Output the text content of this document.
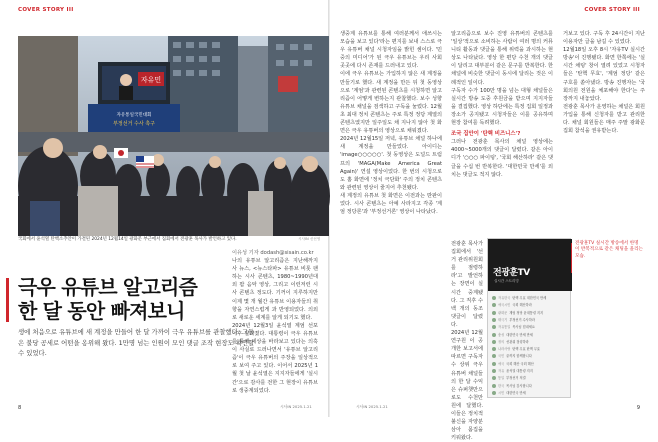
COVER STORY III	COVER STORY III
자유민
자유통일국민대회
부정선거 수사 촉구
국회에서 윤석열 탄핵소추안이 가결된 2024년 12월14일 광화문 부근에서 집회에서 전광훈 목사가 발언하고 있다.	시사IN 신선영
극우 유튜브 알고리즘
한 달 동안 빠져보니
생에 처음으로 유튜브에 새 계정을 만들어 한 달 가까이 극우 유튜브를 관찰했다. 그들은 불당 공세로 어떤을 옹위해 왔다. 1만명 넘는 인원이 모인 댓글 조작 현장도 확인할 수 있었다.

이유성 기자 dodash@sisain.co.kr

나의 유튜브 알고리즘은 지난해까지 사 뉴스, <뉴스타파> 유튜브 비롯 팬하는 시사 콘텐츠, 1980~1990년대 외 팝 음악 영상, 그리고 이런저런 시사 콘텐츠 정도다. 기꺼이 지루하지만 이제 몇 개 월간 유튜브 이용자들의 취향을 자연스럽게 과 반영되었다. 의외로 새로운 세계를 알게 되기도 했다.

2024년 12월3일 윤석열 계엄 선포 이후 달라졌다. 대통령이 극우 유튜브를 통해 세상을 바라보고 있다는 의혹이 사실로 드러나면서 '유튜브 알고리즘'이 극우 유튜버의 주장을 일상적으로 보여 주고 있다. 이어서 2025년 1월 첫 날 윤석열은 지지자들에게 '실시간'으로 감사를 전한 그 현장이 유튜브로 생중계되었다.

생중계 유튜브를 통해 여러분께서 애쓰시는 모습을 보고 있다'라는 편지를 보내 스스로 극우 유튜버 채널 시청자임을 밝힌 셈이다. '민중의 미디어'가 된 극우 유튜브는 우리 사회 곳곳에 다시 존재를 드러내고 있다.

이에 극우 유튜브는 가입하지 않은 새 계정을 만들기로 했다. 새 계정을 만든 뒤 첫 동영상으로 '계엄'과 관련된 콘텐츠를 시청하면 알고리즘이 어떻게 변하는지 관찰했다. 보수 성향 유튜브 채널을 검색하고 구독을 눌렀다. 12월 초 최대 정치 콘텐츠는 주로 특정 정당 계열의 콘텐츠였지만 일주일도 채 지나지 않아 첫 화면은 극우 유튜버의 영상으로 채워졌다.

2024년 12월15일 저녁, 유튜브 채널 하나에 새 계정을 만들었다. 아이디는 'image○○○○○'. 첫 동영상은 도널드 트럼프의 'MAGA(Make America Great Again)' 연설 영상이었다. 한 번의 시청으로도 홈 화면에 '정치 극단화' 주의 정치 콘텐츠와 관련된 영상이 줄지어 추천됐다.

새 계정의 유튜브 첫 화면은 이전과는 딴판이었다. 시사 콘텐츠는 아예 사라지고 각종 '계엄 정당론'과 '부정선거론' 영상이 나타났다.

알고리즘으로 보수 진영 유튜버의 콘텐츠를 '일상'적으로 소비하는 사람이 여러 명의 커뮤니티 활동과 댓글을 통해 위력을 과시하는 현상도 나타났다. 영상 한 편당 수천 개의 댓글이 달리고 대부분이 같은 문구를 반복한다. 한 채널에 비슷한 댓글이 동시에 달리는 것은 이례적인 일이다.

구독자 수가 100만 명을 넘는 대형 채널들은 실시간 방송 도중 후원금을 받으며 지지자들을 결집했다. 영상 하단에는 특정 집회 일정과 장소가 공지됐고 시청자들은 이를 공유하며 현장 참여를 독려했다.

조국 집안이 '탄핵 비즈니스'?

그러나 전광훈 목사의 채널 영상에는 4000~5000개의 댓글이 달렸다. 같은 아이디가 '○○○ 파이팅', '국회 해산하라' 같은 댓글을 수십 번 반복한다. '대한민국 만세'를 외치는 댓글도 적지 않다.

거보고 있다. 구독 후 24시간이 지난 이용자만 글을 남길 수 있었다.

12월18일 오후 8시 '자유TV 실시간 방송'이 진행됐다. 화면 한쪽에는 '실시간 채팅' 창이 열려 있었고 시청자들은 '탄핵 무효', '계엄 정당' 같은 구호를 쏟아냈다. 방송 진행자는 '국회의원 전원을 체포해야 한다'는 주장까지 내놓았다.

전광훈 목사가 운영하는 채널은 회원 가입을 통해 신청자를 받고 관리한다. 채널 회원들은 매주 주말 광화문 집회 참석을 권유받는다.

전광훈 목사가 집회에서 '선거 관리위원회를 점령하라'고 발언하는 장면이 실시간 중계됐다. 그 직후 수백 개의 동조 댓글이 달렸다.

2024년 12월 연구원 이 공개한 보고서에 따르면 구독자 수 상위 극우 유튜버 채널들의 한 달 수익은 슈퍼챗만으로도 수천만 원에 달했다. 이들은 정치적 불신을 자양분 삼아 몸집을 키워왔다.

전광훈TV
실시간 스트리밍
자유한국 탄핵 무효 대한민국 만세
애국시민 국회 해산하라
광화문 계엄 정당 윤대통령 지지
태극기 부정선거 수사하라
자유통일 목사님 힘내세요
충성 대한민국 만세 만세
정의 선관위 점령하라
나라사랑 탄핵 무효 탄핵 무효
국민 끝까지 함께합니다
애국 국회 해산 국회 해산
자유 윤석열 대통령 지지
통일 부정선거 척결
한국 목사님 감사합니다
시민 대한민국 만세
전광훈TV 실시간 방송에서 한명이 반복적으로 같은 채팅을 올리는 모습.
8	시사IN 2025.1.21	시사IN 2025.1.21	9
